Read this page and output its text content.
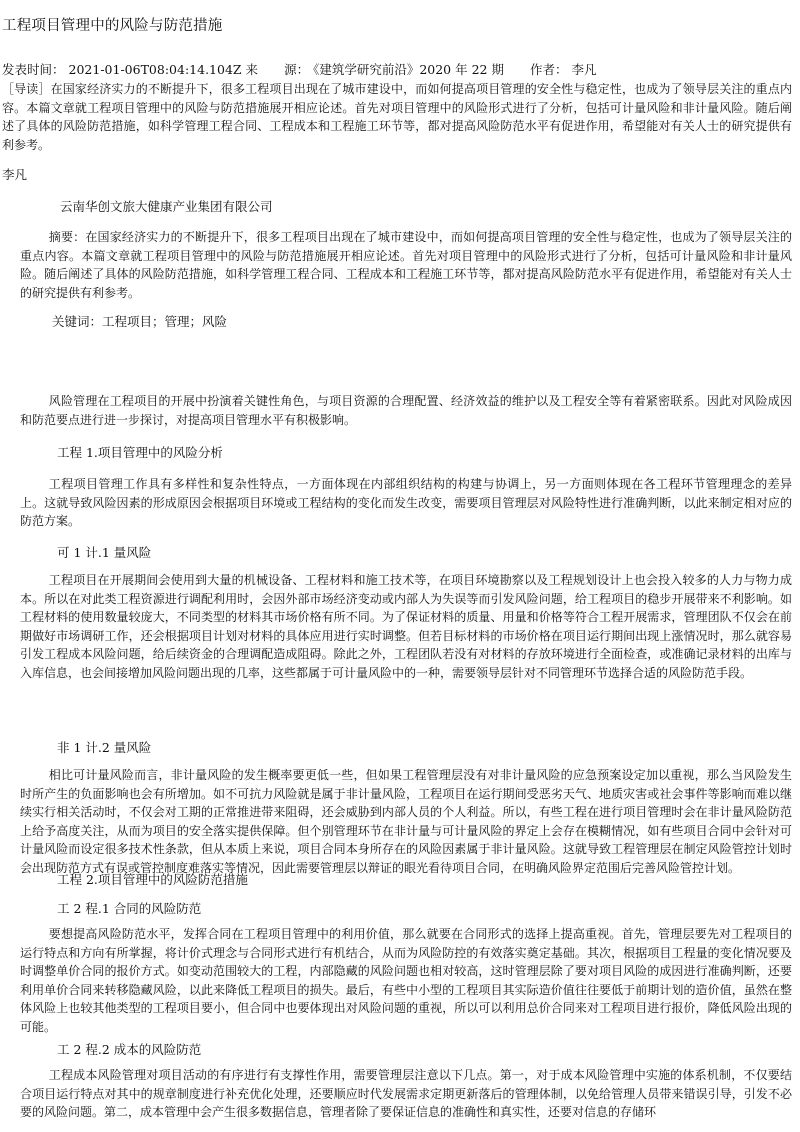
工程项目管理中的风险与防范措施
发表时间： 2021-01-06T08:04:14.104Z 来 源： 《建筑学研究前沿》2020 年 22 期 作者： 李凡
［导读］在国家经济实力的不断提升下，很多工程项目出现在了城市建设中，而如何提高项目管理的安全性与稳定性，也成为了领导层关注的重点内容。本篇文章就工程项目管理中的风险与防范措施展开相应论述。首先对项目管理中的风险形式进行了分析，包括可计量风险和非计量风险。随后阐述了具体的风险防范措施，如科学管理工程合同、工程成本和工程施工环节等，都对提高风险防范水平有促进作用，希望能对有关人士的研究提供有利参考。
李凡
云南华创文旅大健康产业集团有限公司
摘要：在国家经济实力的不断提升下，很多工程项目出现在了城市建设中，而如何提高项目管理的安全性与稳定性，也成为了领导层关注的重点内容。本篇文章就工程项目管理中的风险与防范措施展开相应论述。首先对项目管理中的风险形式进行了分析，包括可计量风险和非计量风险。随后阐述了具体的风险防范措施，如科学管理工程合同、工程成本和工程施工环节等，都对提高风险防范水平有促进作用，希望能对有关人士的研究提供有利参考。
关键词：工程项目；管理；风险
风险管理在工程项目的开展中扮演着关键性角色，与项目资源的合理配置、经济效益的维护以及工程安全等有着紧密联系。因此对风险成因和防范要点进行进一步探讨，对提高项目管理水平有积极影响。
工程 1.项目管理中的风险分析
工程项目管理工作具有多样性和复杂性特点，一方面体现在内部组织结构的构建与协调上，另一方面则体现在各工程环节管理理念的差异上。这就导致风险因素的形成原因会根据项目环境或工程结构的变化而发生改变，需要项目管理层对风险特性进行准确判断，以此来制定相对应的防范方案。
可 1 计.1 量风险
工程项目在开展期间会使用到大量的机械设备、工程材料和施工技术等，在项目环境勘察以及工程规划设计上也会投入较多的人力与物力成本。所以在对此类工程资源进行调配利用时，会因外部市场经济变动或内部人为失误等而引发风险问题，给工程项目的稳步开展带来不利影响。如工程材料的使用数量较庞大，不同类型的材料其市场价格有所不同。为了保证材料的质量、用量和价格等符合工程开展需求，管理团队不仅会在前期做好市场调研工作，还会根据项目计划对材料的具体应用进行实时调整。但若目标材料的市场价格在项目运行期间出现上涨情况时，那么就容易引发工程成本风险问题，给后续资金的合理调配造成阻碍。除此之外，工程团队若没有对材料的存放环境进行全面检查，或准确记录材料的出库与入库信息，也会间接增加风险问题出现的几率，这些都属于可计量风险中的一种，需要领导层针对不同管理环节选择合适的风险防范手段。
非 1 计.2 量风险
相比可计量风险而言，非计量风险的发生概率要更低一些，但如果工程管理层没有对非计量风险的应急预案设定加以重视，那么当风险发生时所产生的负面影响也会有所增加。如不可抗力风险就是属于非计量风险，工程项目在运行期间受恶劣天气、地质灾害或社会事件等影响而难以继续实行相关活动时，不仅会对工期的正常推进带来阻碍，还会威胁到内部人员的个人利益。所以，有些工程在进行项目管理时会在非计量风险防范上给予高度关注，从而为项目的安全落实提供保障。但个别管理环节在非计量与可计量风险的界定上会存在模糊情况，如有些项目合同中会针对可计量风险而设定很多技术性条款，但从本质上来说，项目合同本身所存在的风险因素属于非计量风险。这就导致工程管理层在制定风险管控计划时会出现防范方式有误或管控制度难落实等情况，因此需要管理层以辩证的眼光看待项目合同，在明确风险界定范围后完善风险管控计划。
工程 2.项目管理中的风险防范措施
工 2 程.1 合同的风险防范
要想提高风险防范水平，发挥合同在工程项目管理中的利用价值，那么就要在合同形式的选择上提高重视。首先，管理层要先对工程项目的运行特点和方向有所掌握，将计价式理念与合同形式进行有机结合，从而为风险防控的有效落实奠定基础。其次，根据项目工程量的变化情况要及时调整单价合同的报价方式。如变动范围较大的工程，内部隐藏的风险问题也相对较高，这时管理层除了要对项目风险的成因进行准确判断，还要利用单价合同来转移隐藏风险，以此来降低工程项目的损失。最后，有些中小型的工程项目其实际造价值往往要低于前期计划的造价值，虽然在整体风险上也较其他类型的工程项目要小，但合同中也要体现出对风险问题的重视，所以可以利用总价合同来对工程项目进行报价，降低风险出现的可能。
工 2 程.2 成本的风险防范
工程成本风险管理对项目活动的有序进行有支撑性作用，需要管理层注意以下几点。第一，对于成本风险管理中实施的体系机制，不仅要结合项目运行特点对其中的规章制度进行补充优化处理，还要顺应时代发展需求定期更新落后的管理体制，以免给管理人员带来错误引导，引发不必要的风险问题。第二，成本管理中会产生很多数据信息，管理者除了要保证信息的准确性和真实性，还要对信息的存储环
